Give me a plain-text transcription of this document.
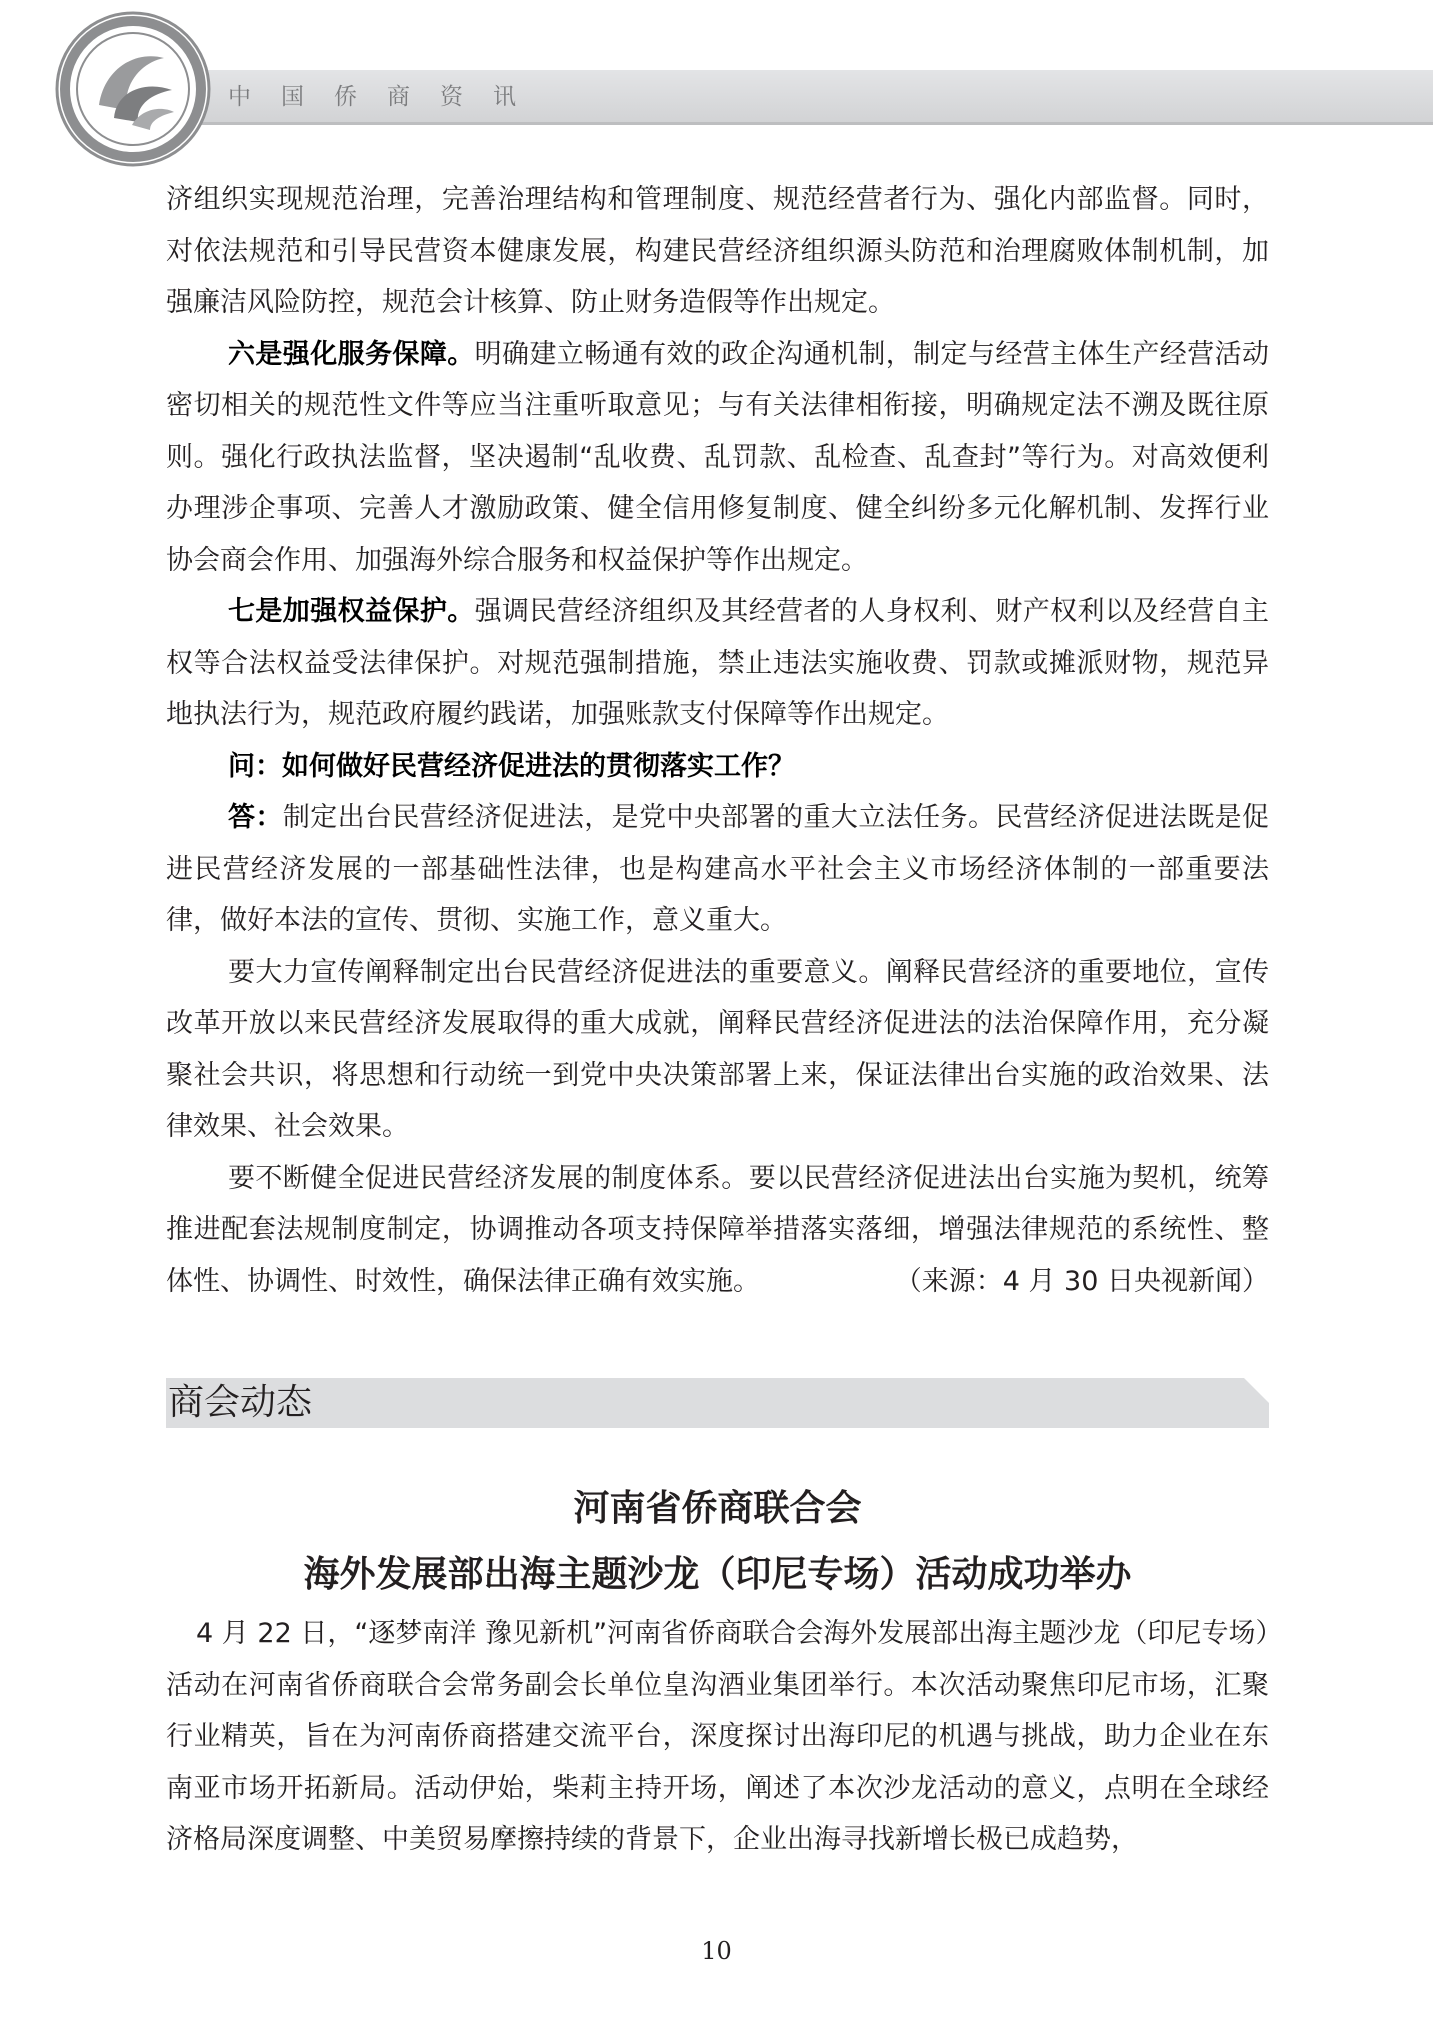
中国侨商资讯

济组织实现规范治理，完善治理结构和管理制度、规范经营者行为、强化内部监督。同时，对依法规范和引导民营资本健康发展，构建民营经济组织源头防范和治理腐败体制机制，加强廉洁风险防控，规范会计核算、防止财务造假等作出规定。

六是强化服务保障。明确建立畅通有效的政企沟通机制，制定与经营主体生产经营活动密切相关的规范性文件等应当注重听取意见；与有关法律相衔接，明确规定法不溯及既往原则。强化行政执法监督，坚决遏制“乱收费、乱罚款、乱检查、乱查封”等行为。对高效便利办理涉企事项、完善人才激励政策、健全信用修复制度、健全纠纷多元化解机制、发挥行业协会商会作用、加强海外综合服务和权益保护等作出规定。

七是加强权益保护。强调民营经济组织及其经营者的人身权利、财产权利以及经营自主权等合法权益受法律保护。对规范强制措施，禁止违法实施收费、罚款或摊派财物，规范异地执法行为，规范政府履约践诺，加强账款支付保障等作出规定。

问：如何做好民营经济促进法的贯彻落实工作？

答：制定出台民营经济促进法，是党中央部署的重大立法任务。民营经济促进法既是促进民营经济发展的一部基础性法律，也是构建高水平社会主义市场经济体制的一部重要法律，做好本法的宣传、贯彻、实施工作，意义重大。

要大力宣传阐释制定出台民营经济促进法的重要意义。阐释民营经济的重要地位，宣传改革开放以来民营经济发展取得的重大成就，阐释民营经济促进法的法治保障作用，充分凝聚社会共识，将思想和行动统一到党中央决策部署上来，保证法律出台实施的政治效果、法律效果、社会效果。

要不断健全促进民营经济发展的制度体系。要以民营经济促进法出台实施为契机，统筹推进配套法规制度制定，协调推动各项支持保障举措落实落细，增强法律规范的系统性、整体性、协调性、时效性，确保法律正确有效实施。	（来源：4 月 30 日央视新闻）

商会动态
河南省侨商联合会
海外发展部出海主题沙龙（印尼专场）活动成功举办

4 月 22 日，“逐梦南洋 豫见新机”河南省侨商联合会海外发展部出海主题沙龙（印尼专场）活动在河南省侨商联合会常务副会长单位皇沟酒业集团举行。本次活动聚焦印尼市场，汇聚行业精英，旨在为河南侨商搭建交流平台，深度探讨出海印尼的机遇与挑战，助力企业在东南亚市场开拓新局。活动伊始，柴莉主持开场，阐述了本次沙龙活动的意义，点明在全球经济格局深度调整、中美贸易摩擦持续的背景下，企业出海寻找新增长极已成趋势，

10
